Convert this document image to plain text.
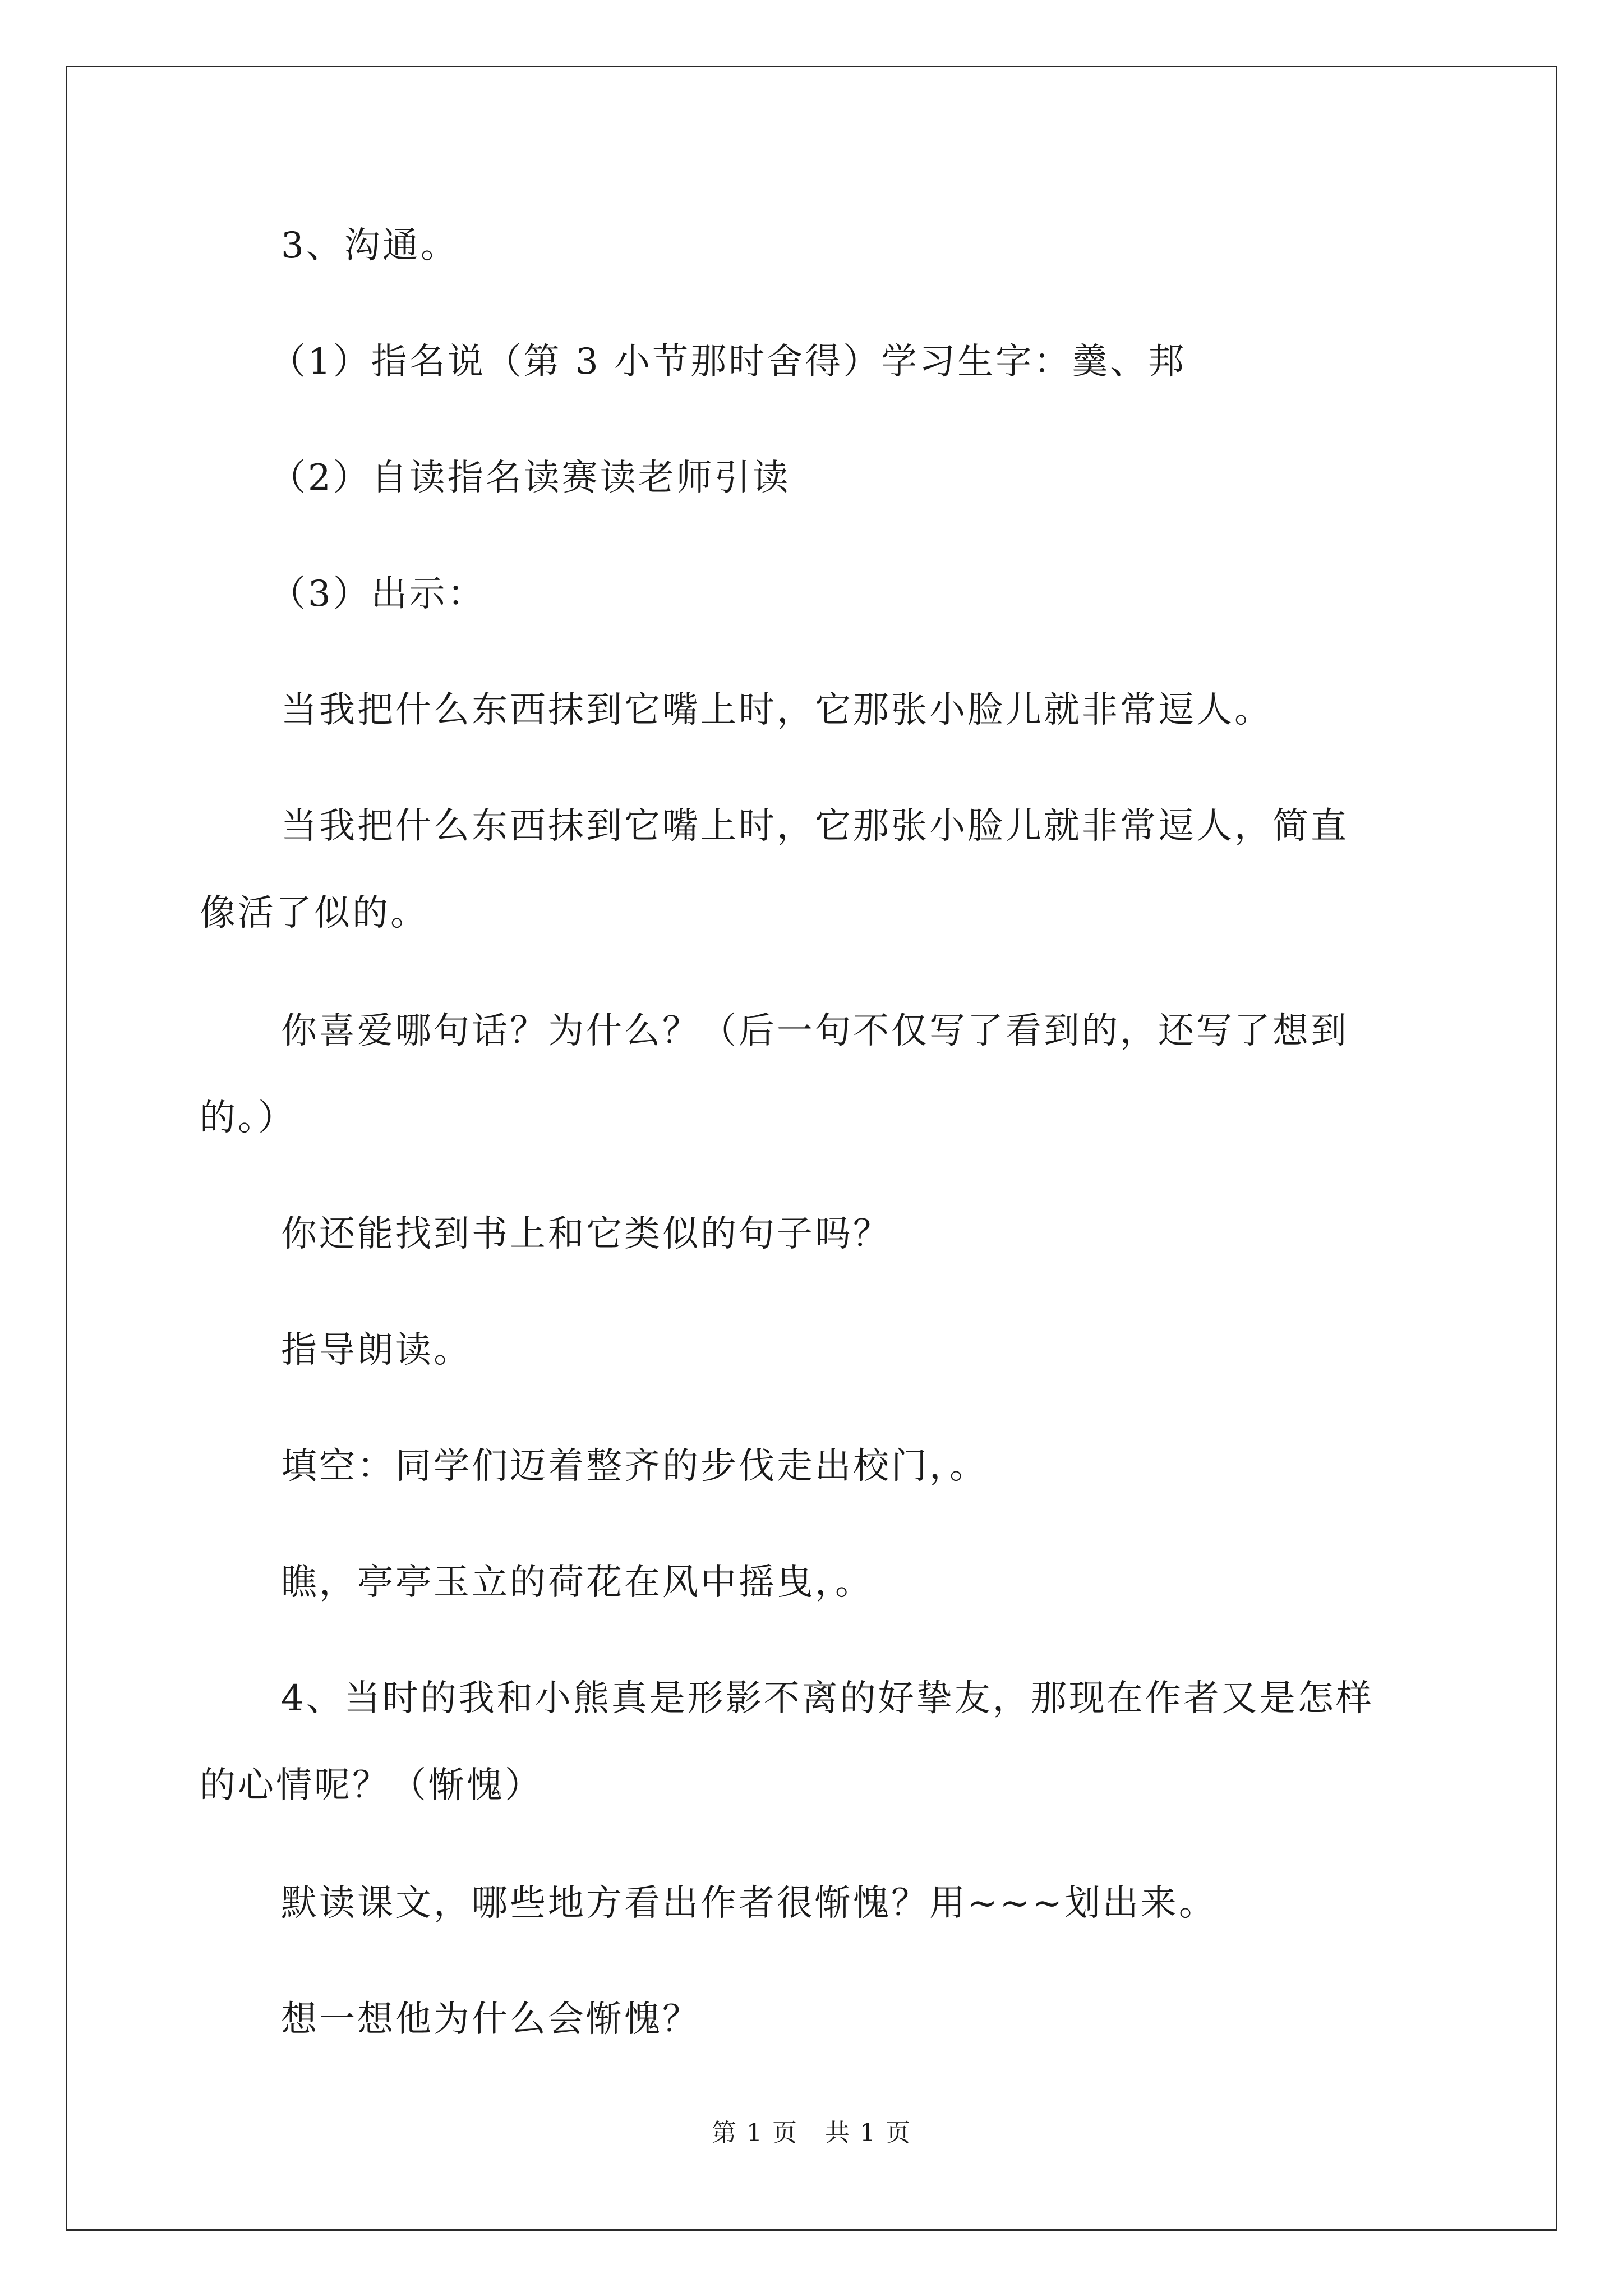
3、沟通。
（1）指名说（第 3 小节那时舍得）学习生字：羹、邦
（2）自读指名读赛读老师引读
（3）出示：
当我把什么东西抹到它嘴上时，它那张小脸儿就非常逗人。
当我把什么东西抹到它嘴上时，它那张小脸儿就非常逗人，简直
像活了似的。
你喜爱哪句话？为什么？（后一句不仅写了看到的，还写了想到
的。）
你还能找到书上和它类似的句子吗？
指导朗读。
填空：同学们迈着整齐的步伐走出校门，。
瞧，亭亭玉立的荷花在风中摇曳，。
4、当时的我和小熊真是形影不离的好挚友，那现在作者又是怎样
的心情呢？（惭愧）
默读课文，哪些地方看出作者很惭愧？用~~~划出来。
想一想他为什么会惭愧？
第 1 页 共 1 页
